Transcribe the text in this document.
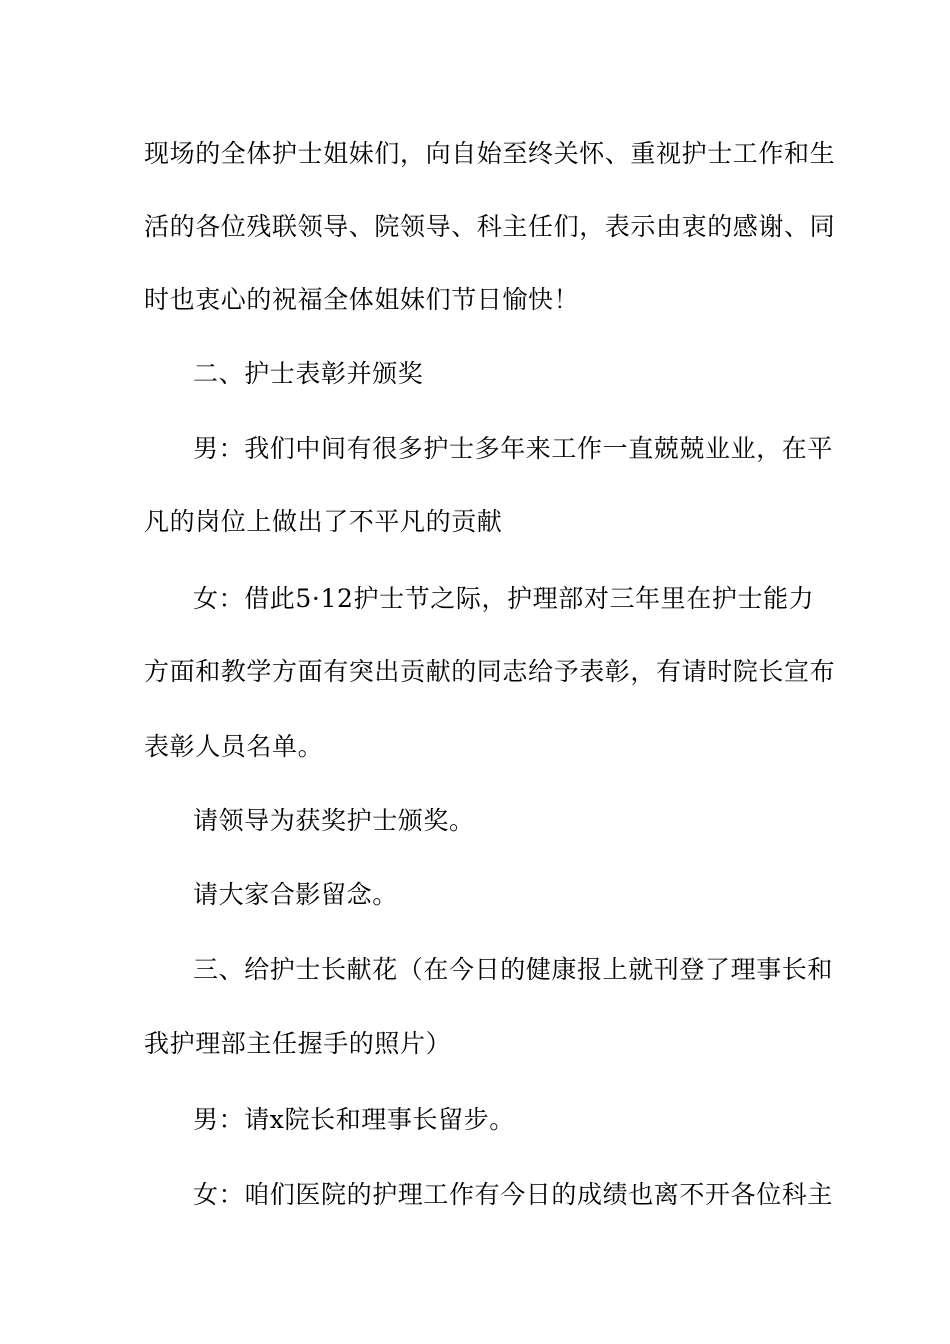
现场的全体护士姐妹们，向自始至终关怀、重视护士工作和生
活的各位残联领导、院领导、科主任们，表示由衷的感谢、同
时也衷心的祝福全体姐妹们节日愉快！
二、护士表彰并颁奖
男：我们中间有很多护士多年来工作一直兢兢业业，在平
凡的岗位上做出了不平凡的贡献
女：借此5·12护士节之际，护理部对三年里在护士能力
方面和教学方面有突出贡献的同志给予表彰，有请时院长宣布
表彰人员名单。
请领导为获奖护士颁奖。
请大家合影留念。
三、给护士长献花（在今日的健康报上就刊登了理事长和
我护理部主任握手的照片）
男：请x院长和理事长留步。
女：咱们医院的护理工作有今日的成绩也离不开各位科主
